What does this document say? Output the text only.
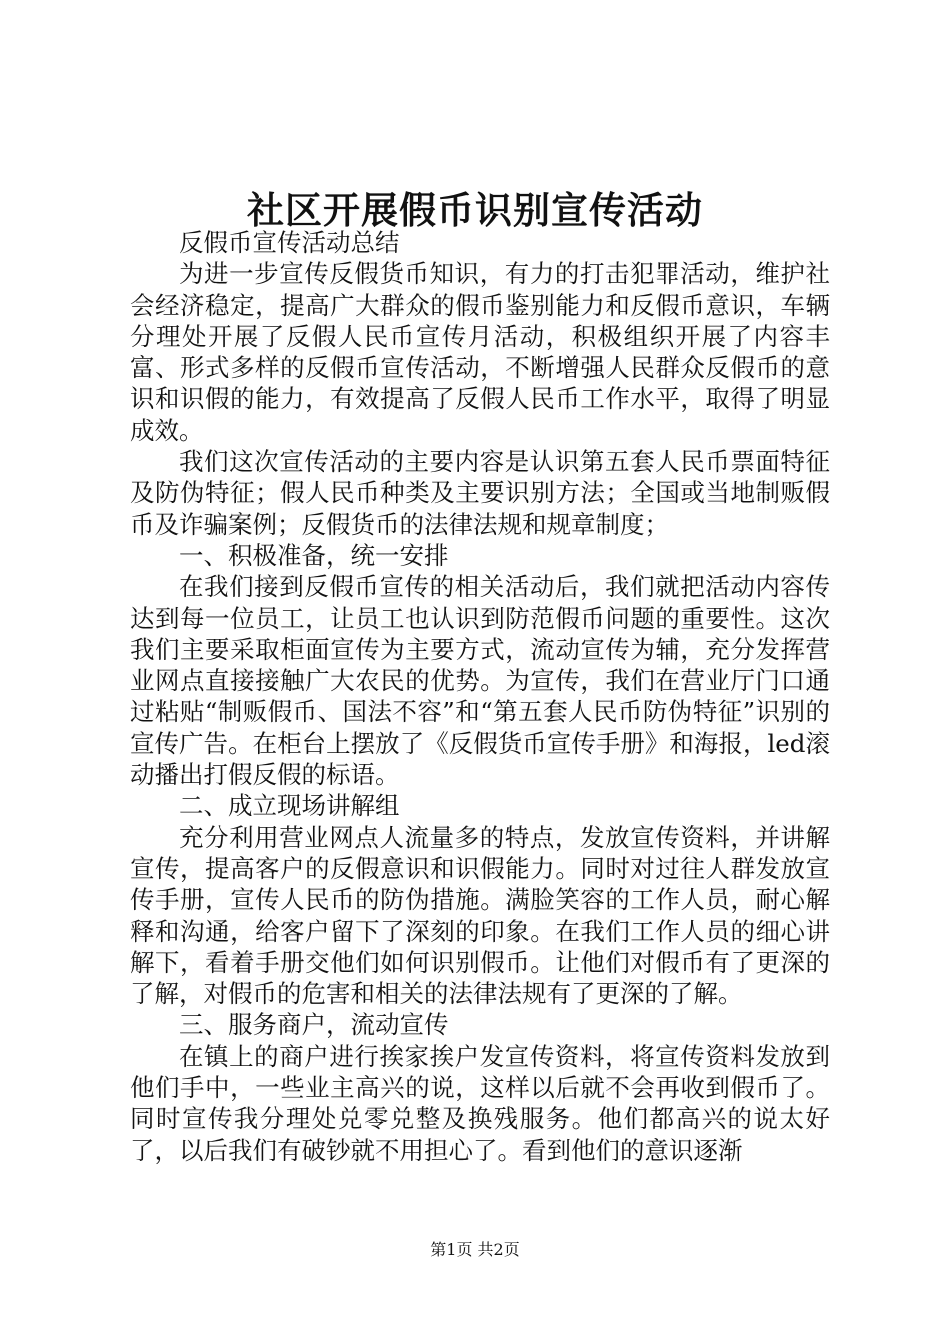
社区开展假币识别宣传活动

反假币宣传活动总结

为进一步宣传反假货币知识，有力的打击犯罪活动，维护社会经济稳定，提高广大群众的假币鉴别能力和反假币意识，车辆分理处开展了反假人民币宣传月活动，积极组织开展了内容丰富、形式多样的反假币宣传活动，不断增强人民群众反假币的意识和识假的能力，有效提高了反假人民币工作水平，取得了明显成效。

我们这次宣传活动的主要内容是认识第五套人民币票面特征及防伪特征；假人民币种类及主要识别方法；全国或当地制贩假币及诈骗案例；反假货币的法律法规和规章制度；

一、积极准备，统一安排

在我们接到反假币宣传的相关活动后，我们就把活动内容传达到每一位员工，让员工也认识到防范假币问题的重要性。这次我们主要采取柜面宣传为主要方式，流动宣传为辅，充分发挥营业网点直接接触广大农民的优势。为宣传，我们在营业厅门口通过粘贴“制贩假币、国法不容”和“第五套人民币防伪特征”识别的宣传广告。在柜台上摆放了《反假货币宣传手册》和海报，led滚动播出打假反假的标语。

二、成立现场讲解组

充分利用营业网点人流量多的特点，发放宣传资料，并讲解宣传，提高客户的反假意识和识假能力。同时对过往人群发放宣传手册，宣传人民币的防伪措施。满脸笑容的工作人员，耐心解释和沟通，给客户留下了深刻的印象。在我们工作人员的细心讲解下，看着手册交他们如何识别假币。让他们对假币有了更深的了解，对假币的危害和相关的法律法规有了更深的了解。

三、服务商户，流动宣传

在镇上的商户进行挨家挨户发宣传资料，将宣传资料发放到他们手中，一些业主高兴的说，这样以后就不会再收到假币了。同时宣传我分理处兑零兑整及换残服务。他们都高兴的说太好了，以后我们有破钞就不用担心了。看到他们的意识逐渐

第1页 共2页
